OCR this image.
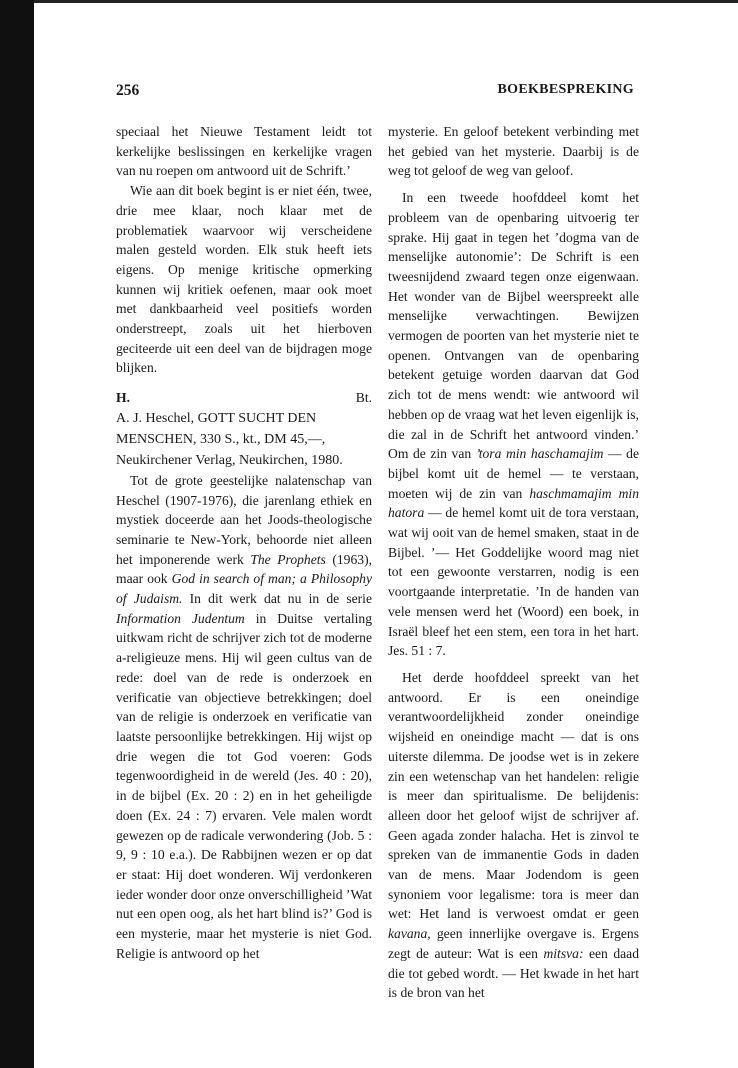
256	BOEKBESPREKING

speciaal het Nieuwe Testament leidt tot kerkelijke beslissingen en kerkelijke vragen van nu roepen om antwoord uit de Schrift.’

Wie aan dit boek begint is er niet één, twee, drie mee klaar, noch klaar met de problematiek waarvoor wij verscheidene malen gesteld worden. Elk stuk heeft iets eigens. Op menige kritische opmerking kunnen wij kritiek oefenen, maar ook moet met dankbaarheid veel positiefs worden onderstreept, zoals uit het hierboven geciteerde uit een deel van de bijdragen moge blijken.

H.	Bt.

A. J. Heschel, GOTT SUCHT DEN MENSCHEN, 330 S., kt., DM 45,—, Neukirchener Verlag, Neukirchen, 1980.

Tot de grote geestelijke nalatenschap van Heschel (1907-1976), die jarenlang ethiek en mystiek doceerde aan het Joods-theologische seminarie te New-York, behoorde niet alleen het imponerende werk The Prophets (1963), maar ook God in search of man; a Philosophy of Judaism. In dit werk dat nu in de serie Information Judentum in Duitse vertaling uitkwam richt de schrijver zich tot de moderne a-religieuze mens. Hij wil geen cultus van de rede: doel van de rede is onderzoek en verificatie van objectieve betrekkingen; doel van de religie is onderzoek en verificatie van laatste persoonlijke betrekkingen. Hij wijst op drie wegen die tot God voeren: Gods tegenwoordigheid in de wereld (Jes. 40 : 20), in de bijbel (Ex. 20 : 2) en in het geheiligde doen (Ex. 24 : 7) ervaren. Vele malen wordt gewezen op de radicale verwondering (Job. 5 : 9, 9 : 10 e.a.). De Rabbijnen wezen er op dat er staat: Hij doet wonderen. Wij verdonkeren ieder wonder door onze onverschilligheid ’Wat nut een open oog, als het hart blind is?’ God is een mysterie, maar het mysterie is niet God. Religie is antwoord op het

mysterie. En geloof betekent verbinding met het gebied van het mysterie. Daarbij is de weg tot geloof de weg van geloof.

In een tweede hoofddeel komt het probleem van de openbaring uitvoerig ter sprake. Hij gaat in tegen het ’dogma van de menselijke autonomie’: De Schrift is een tweesnijdend zwaard tegen onze eigenwaan. Het wonder van de Bijbel weerspreekt alle menselijke verwachtingen. Bewijzen vermogen de poorten van het mysterie niet te openen. Ontvangen van de openbaring betekent getuige worden daarvan dat God zich tot de mens wendt: wie antwoord wil hebben op de vraag wat het leven eigenlijk is, die zal in de Schrift het antwoord vinden.’ Om de zin van ’tora min haschamajim — de bijbel komt uit de hemel — te verstaan, moeten wij de zin van haschmamajim min hatora — de hemel komt uit de tora verstaan, wat wij ooit van de hemel smaken, staat in de Bijbel. ’— Het Goddelijke woord mag niet tot een gewoonte verstarren, nodig is een voortgaande interpretatie. ’In de handen van vele mensen werd het (Woord) een boek, in Israël bleef het een stem, een tora in het hart. Jes. 51 : 7.

Het derde hoofddeel spreekt van het antwoord. Er is een oneindige verantwoordelijkheid zonder oneindige wijsheid en oneindige macht — dat is ons uiterste dilemma. De joodse wet is in zekere zin een wetenschap van het handelen: religie is meer dan spiritualisme. De belijdenis: alleen door het geloof wijst de schrijver af. Geen agada zonder halacha. Het is zinvol te spreken van de immanentie Gods in daden van de mens. Maar Jodendom is geen synoniem voor legalisme: tora is meer dan wet: Het land is verwoest omdat er geen kavana, geen innerlijke overgave is. Ergens zegt de auteur: Wat is een mitsva: een daad die tot gebed wordt. — Het kwade in het hart is de bron van het
